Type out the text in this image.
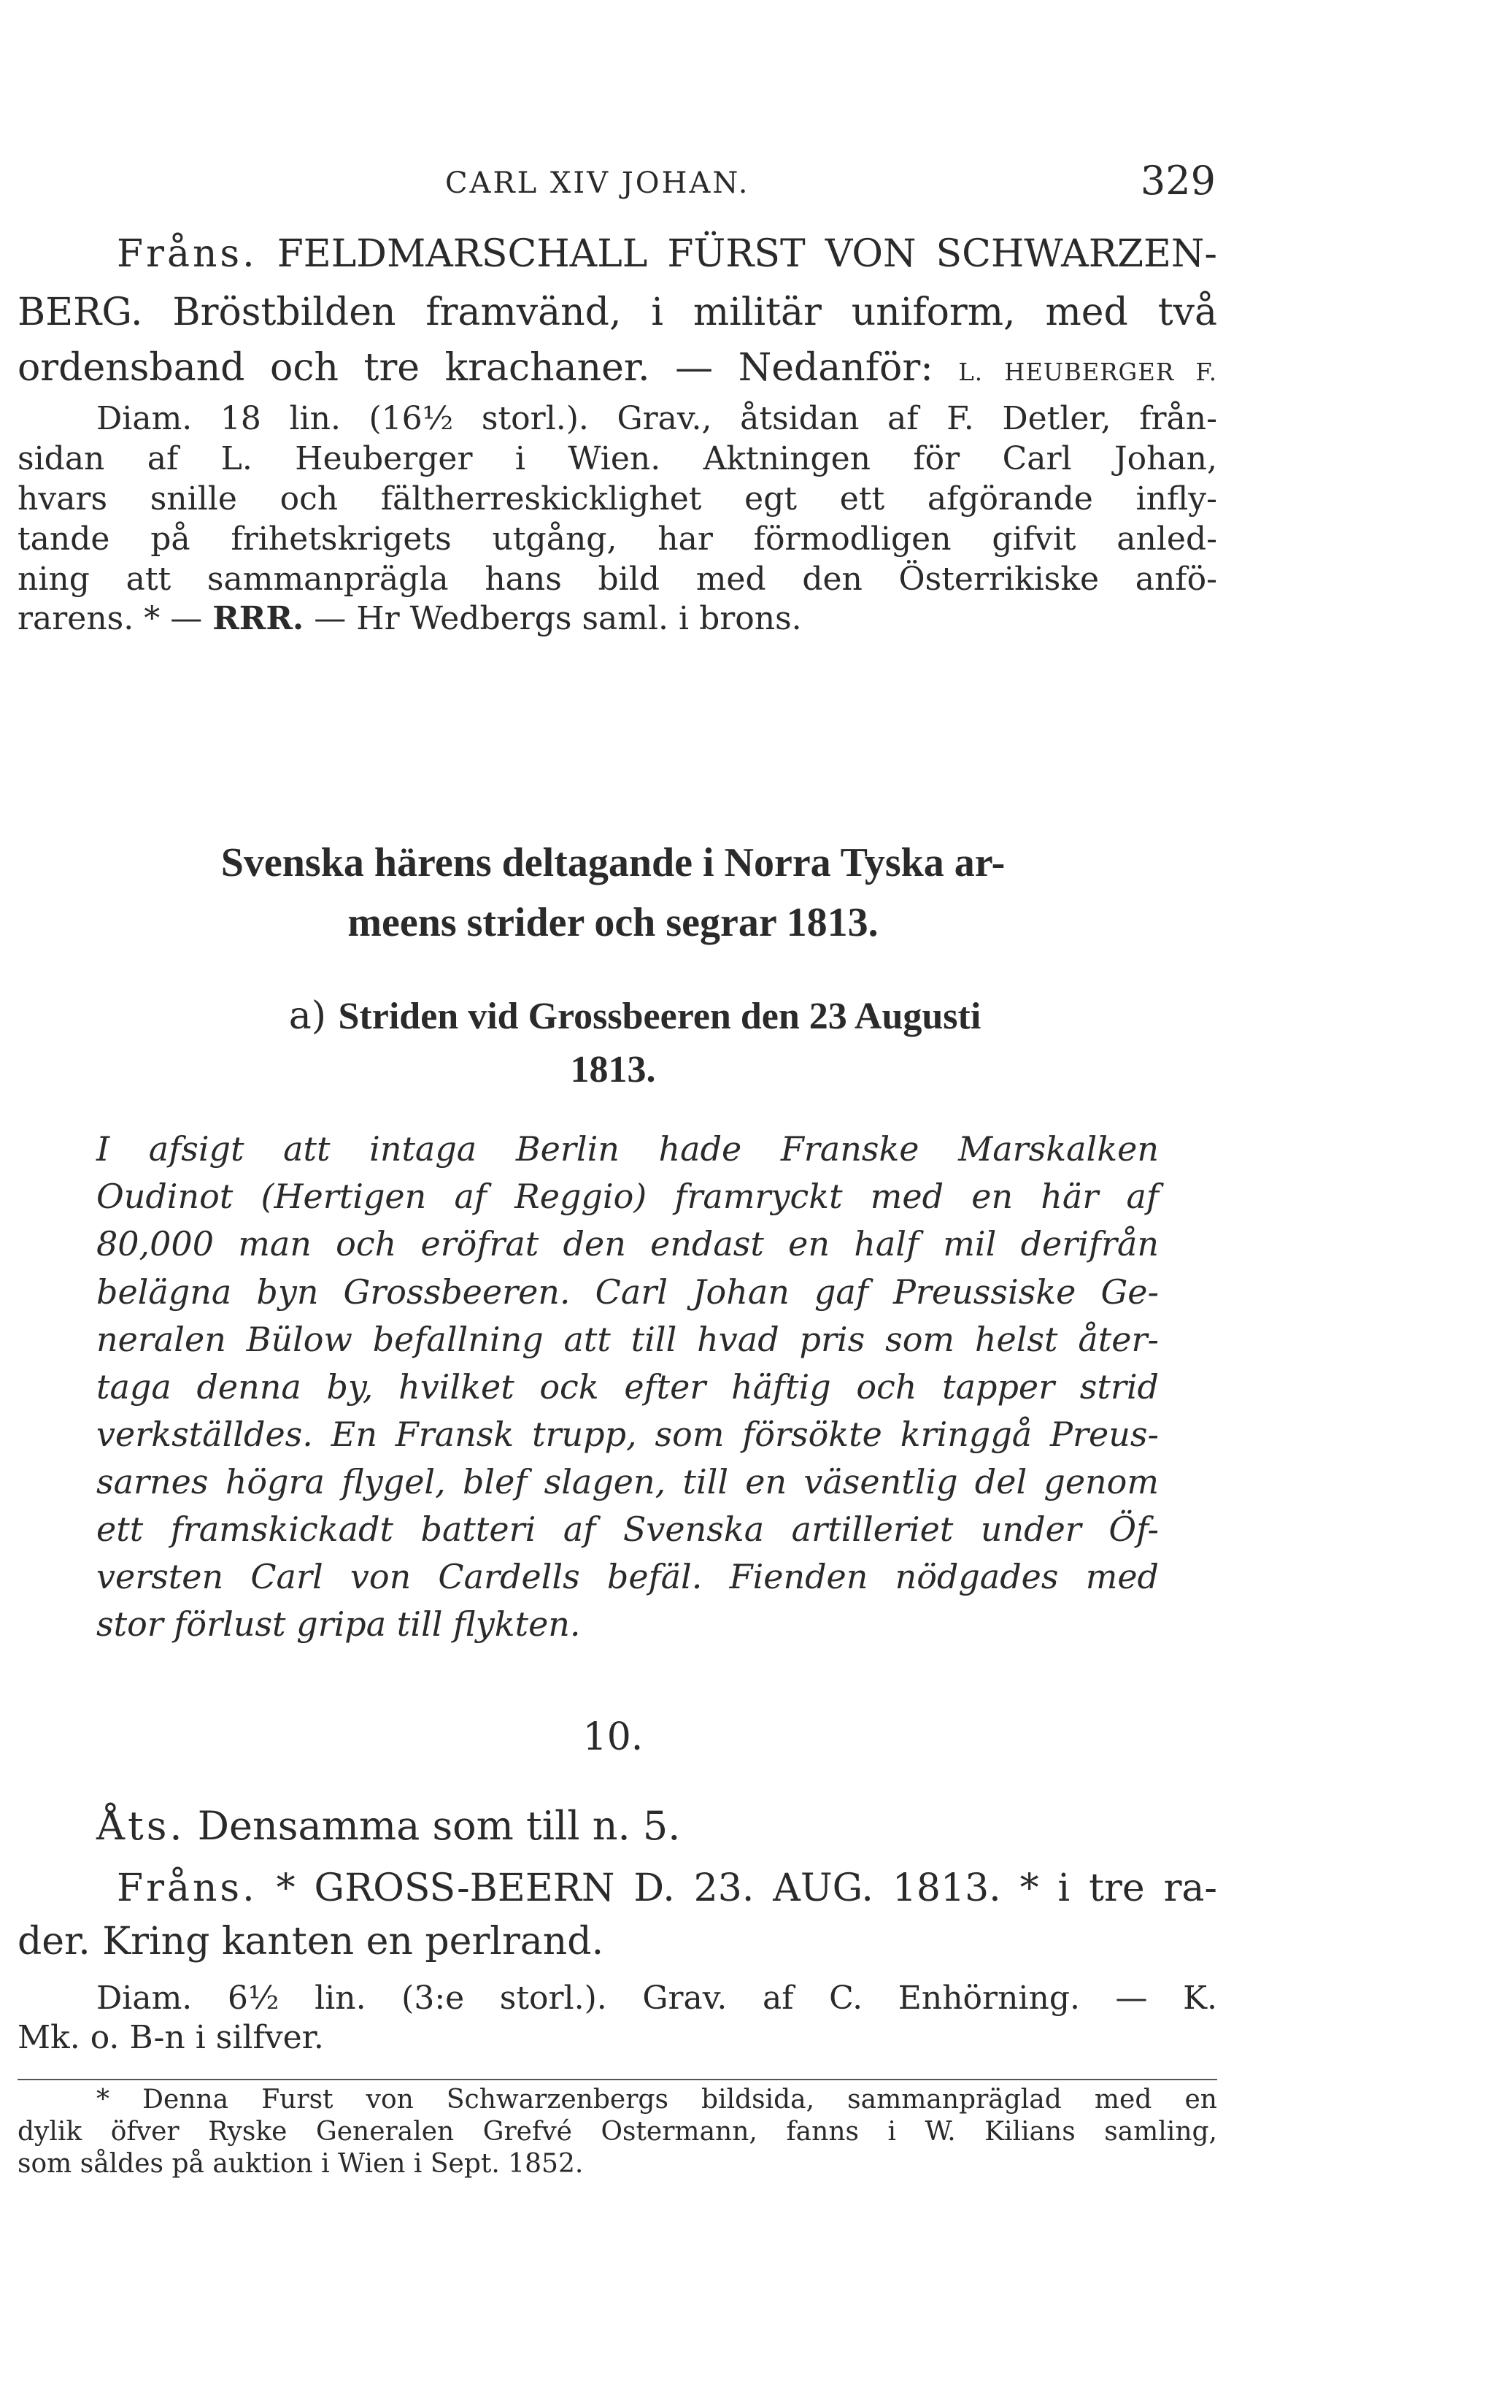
CARL XIV JOHAN.	329
Fråns. FELDMARSCHALL FÜRST VON SCHWARZEN-
BERG. Bröstbilden framvänd, i militär uniform, med två
ordensband och tre krachaner. — Nedanför: L. HEUBERGER F.
Diam. 18 lin. (16½ storl.). Grav., åtsidan af F. Detler, från-
sidan af L. Heuberger i Wien. Aktningen för Carl Johan,
hvars snille och fältherreskicklighet egt ett afgörande infly-
tande på frihetskrigets utgång, har förmodligen gifvit anled-
ning att sammanprägla hans bild med den Österrikiske anfö-
rarens. * — RRR. — Hr Wedbergs saml. i brons.
Svenska härens deltagande i Norra Tyska ar-
meens strider och segrar 1813.
a) Striden vid Grossbeeren den 23 Augusti
1813.
I afsigt att intaga Berlin hade Franske Marskalken
Oudinot (Hertigen af Reggio) framryckt med en här af
80,000 man och eröfrat den endast en half mil derifrån
belägna byn Grossbeeren. Carl Johan gaf Preussiske Ge-
neralen Bülow befallning att till hvad pris som helst åter-
taga denna by, hvilket ock efter häftig och tapper strid
verkställdes. En Fransk trupp, som försökte kringgå Preus-
sarnes högra flygel, blef slagen, till en väsentlig del genom
ett framskickadt batteri af Svenska artilleriet under Öf-
versten Carl von Cardells befäl. Fienden nödgades med
stor förlust gripa till flykten.
10.
Åts. Densamma som till n. 5.
Fråns. * GROSS-BEERN D. 23. AUG. 1813. * i tre ra-
der. Kring kanten en perlrand.
Diam. 6½ lin. (3:e storl.). Grav. af C. Enhörning. — K.
Mk. o. B-n i silfver.
* Denna Furst von Schwarzenbergs bildsida, sammanpräglad med en
dylik öfver Ryske Generalen Grefvé Ostermann, fanns i W. Kilians samling,
som såldes på auktion i Wien i Sept. 1852.
